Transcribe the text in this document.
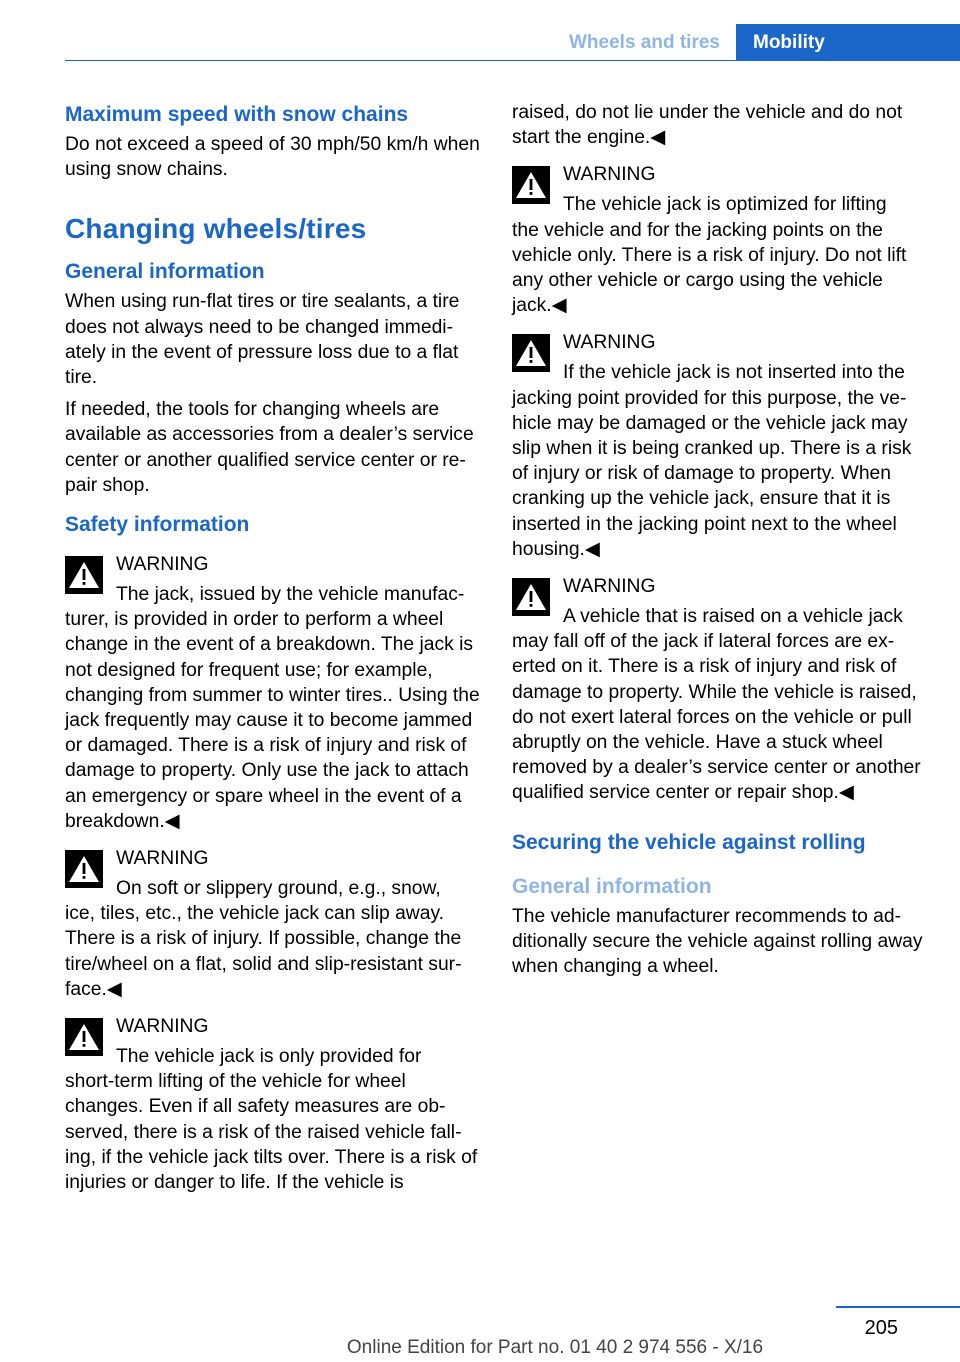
Wheels and tires	Mobility
Maximum speed with snow chains

Do not exceed a speed of 30 mph/50 km/h when using snow chains.

Changing wheels/tires
General information

When using run-flat tires or tire sealants, a tire does not always need to be changed immedi‐ately in the event of pressure loss due to a flat tire.

If needed, the tools for changing wheels are available as accessories from a dealer’s service center or another qualified service center or re‐pair shop.

Safety information
WARNING
The jack, issued by the vehicle manufac‐
turer, is provided in order to perform a wheel change in the event of a breakdown. The jack is not designed for frequent use; for example, changing from summer to winter tires.. Using the jack frequently may cause it to become jammed or damaged. There is a risk of injury and risk of damage to property. Only use the jack to attach an emergency or spare wheel in the event of a breakdown.◀
WARNING
On soft or slippery ground, e.g., snow,
ice, tiles, etc., the vehicle jack can slip away. There is a risk of injury. If possible, change the tire/wheel on a flat, solid and slip-resistant sur‐face.◀
WARNING
The vehicle jack is only provided for
short-term lifting of the vehicle for wheel changes. Even if all safety measures are ob‐served, there is a risk of the raised vehicle fall‐ing, if the vehicle jack tilts over. There is a risk of injuries or danger to life. If the vehicle is

raised, do not lie under the vehicle and do not start the engine.◀

WARNING
The vehicle jack is optimized for lifting
the vehicle and for the jacking points on the vehicle only. There is a risk of injury. Do not lift any other vehicle or cargo using the vehicle jack.◀
WARNING
If the vehicle jack is not inserted into the
jacking point provided for this purpose, the ve‐hicle may be damaged or the vehicle jack may slip when it is being cranked up. There is a risk of injury or risk of damage to property. When cranking up the vehicle jack, ensure that it is inserted in the jacking point next to the wheel housing.◀
WARNING
A vehicle that is raised on a vehicle jack
may fall off of the jack if lateral forces are ex‐erted on it. There is a risk of injury and risk of damage to property. While the vehicle is raised, do not exert lateral forces on the vehicle or pull abruptly on the vehicle. Have a stuck wheel removed by a dealer’s service center or another qualified service center or repair shop.◀
Securing the vehicle against rolling
General information

The vehicle manufacturer recommends to ad‐ditionally secure the vehicle against rolling away when changing a wheel.

205
Online Edition for Part no. 01 40 2 974 556 - X/16
